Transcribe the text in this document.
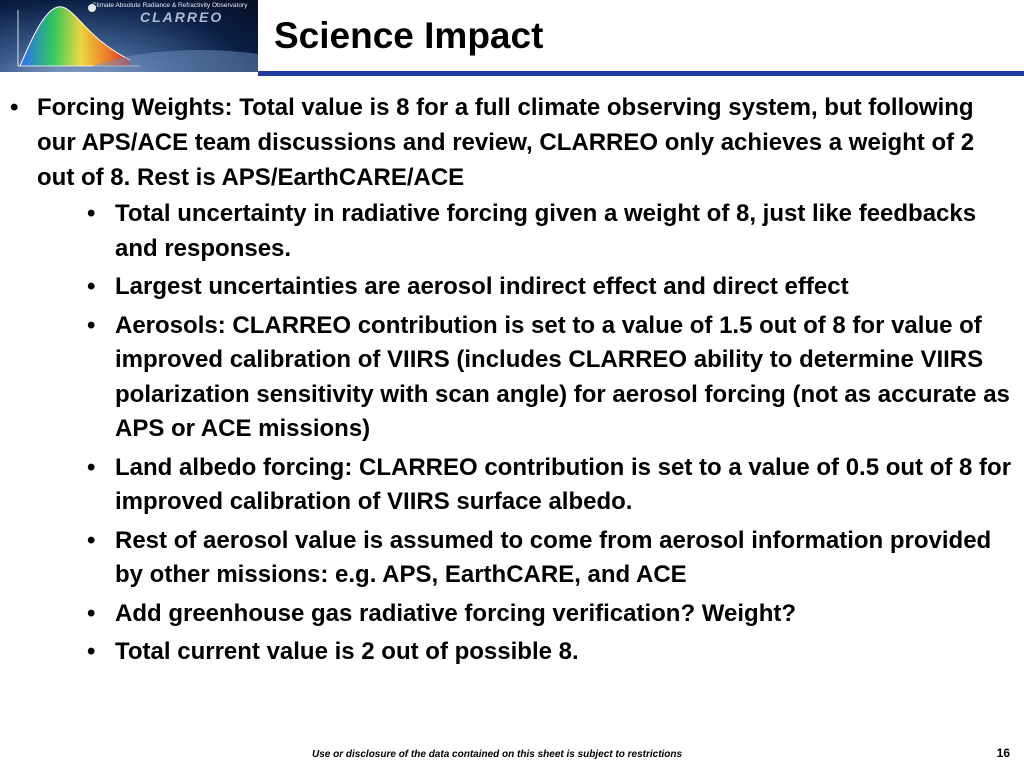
Climate Absolute Radiance & Refractivity Observatory
CLARREO Science Impact
• Forcing Weights: Total value is 8 for a full climate observing system, but following our APS/ACE team discussions and review, CLARREO only achieves a weight of 2 out of 8. Rest is APS/EarthCARE/ACE
• Total uncertainty in radiative forcing given a weight of 8, just like feedbacks and responses.
• Largest uncertainties are aerosol indirect effect and direct effect
• Aerosols: CLARREO contribution is set to a value of 1.5 out of 8 for value of improved calibration of VIIRS (includes CLARREO ability to determine VIIRS polarization sensitivity with scan angle) for aerosol forcing (not as accurate as APS or ACE missions)
• Land albedo forcing: CLARREO contribution is set to a value of 0.5 out of 8 for improved calibration of VIIRS surface albedo.
• Rest of aerosol value is assumed to come from aerosol information provided by other missions: e.g. APS, EarthCARE, and ACE
• Add greenhouse gas radiative forcing verification? Weight?
• Total current value is 2 out of possible 8.
Use or disclosure of the data contained on this sheet is subject to restrictions	16
